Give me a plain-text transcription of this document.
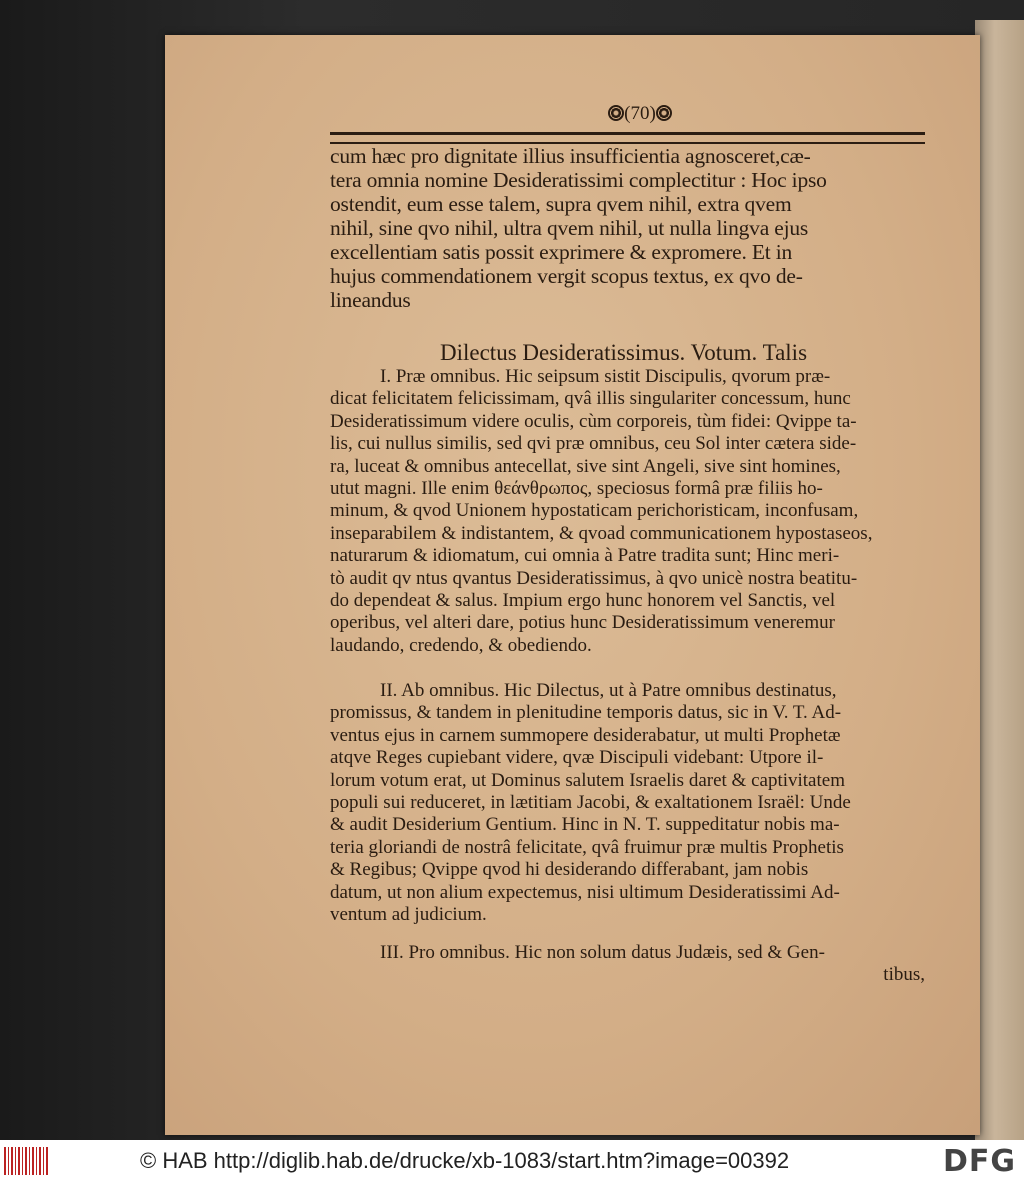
(70)
cum hæc pro dignitate illius insufficientia agnosceret,cæ-
tera omnia nomine Desideratissimi complectitur : Hoc ipso
ostendit, eum esse talem, supra qvem nihil, extra qvem
nihil, sine qvo nihil, ultra qvem nihil, ut nulla lingva ejus
excellentiam satis possit exprimere & expromere. Et in
hujus commendationem vergit scopus textus, ex qvo de-
lineandus
Dilectus Desideratissimus. Votum. Talis
I. Præ omnibus. Hic seipsum sistit Discipulis, qvorum præ-
dicat felicitatem felicissimam, qvâ illis singulariter concessum, hunc
Desideratissimum videre oculis, cùm corporeis, tùm fidei: Qvippe ta-
lis, cui nullus similis, sed qvi præ omnibus, ceu Sol inter cætera side-
ra, luceat & omnibus antecellat, sive sint Angeli, sive sint homines,
utut magni. Ille enim θεάνθρωπος, speciosus formâ præ filiis ho-
minum, & qvod Unionem hypostaticam perichoristicam, inconfusam,
inseparabilem & indistantem, & qvoad communicationem hypostaseos,
naturarum & idiomatum, cui omnia à Patre tradita sunt; Hinc meri-
tò audit qv ntus qvantus Desideratissimus, à qvo unicè nostra beatitu-
do dependeat & salus. Impium ergo hunc honorem vel Sanctis, vel
operibus, vel alteri dare, potius hunc Desideratissimum veneremur
laudando, credendo, & obediendo.
II. Ab omnibus. Hic Dilectus, ut à Patre omnibus destinatus,
promissus, & tandem in plenitudine temporis datus, sic in V. T. Ad-
ventus ejus in carnem summopere desiderabatur, ut multi Prophetæ
atqve Reges cupiebant videre, qvæ Discipuli videbant: Utpore il-
lorum votum erat, ut Dominus salutem Israelis daret & captivitatem
populi sui reduceret, in lætitiam Jacobi, & exaltationem Israël: Unde
& audit Desiderium Gentium. Hinc in N. T. suppeditatur nobis ma-
teria gloriandi de nostrâ felicitate, qvâ fruimur præ multis Prophetis
& Regibus; Qvippe qvod hi desiderando differabant, jam nobis
datum, ut non alium expectemus, nisi ultimum Desideratissimi Ad-
ventum ad judicium.
III. Pro omnibus. Hic non solum datus Judæis, sed & Gen-
tibus,
© HAB http://diglib.hab.de/drucke/xb-1083/start.htm?image=00392	DFG
